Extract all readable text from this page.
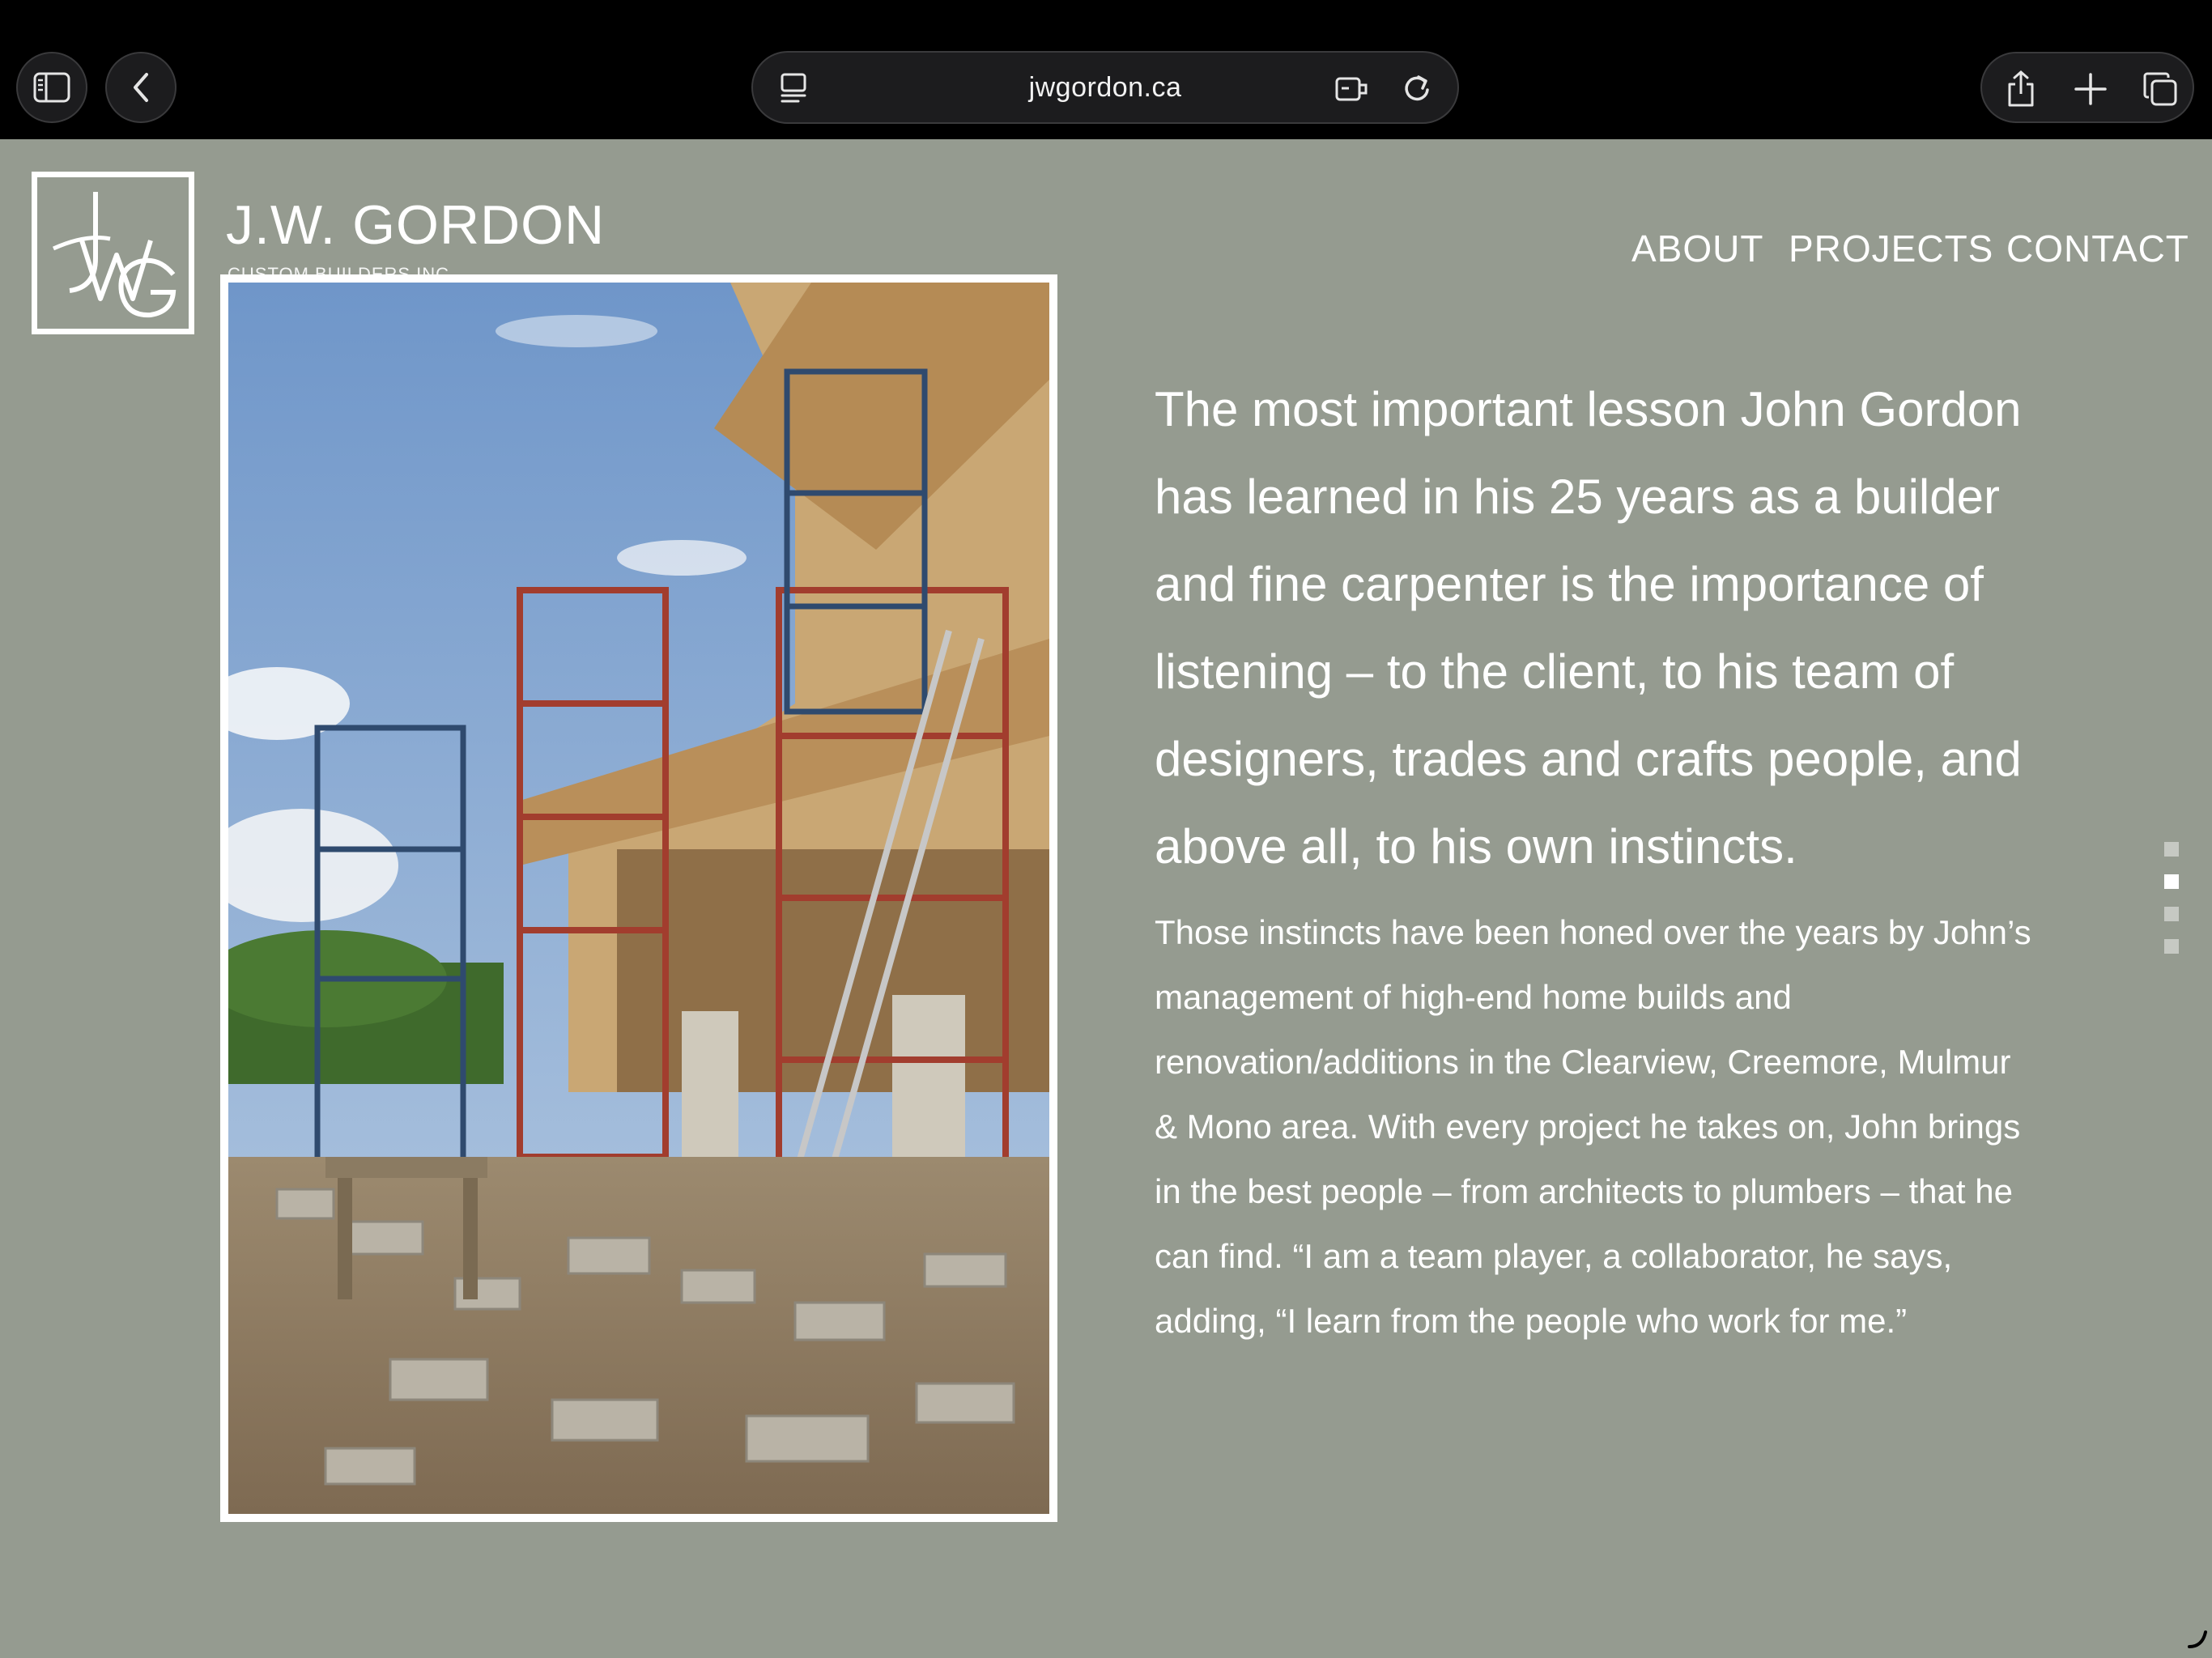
jwgordon.ca
J.W. GORDON	ABOUT PROJECTS CONTACT

The most important lesson John Gordon has learned in his 25 years as a builder and fine carpenter is the importance of listening – to the client, to his team of designers, trades and crafts people, and above all, to his own instincts.

Those instincts have been honed over the years by John’s management of high-end home builds and renovation/additions in the Clearview, Creemore, Mulmur & Mono area. With every project he takes on, John brings in the best people – from architects to plumbers – that he can find. “I am a team player, a collaborator, he says, adding, “I learn from the people who work for me.”
